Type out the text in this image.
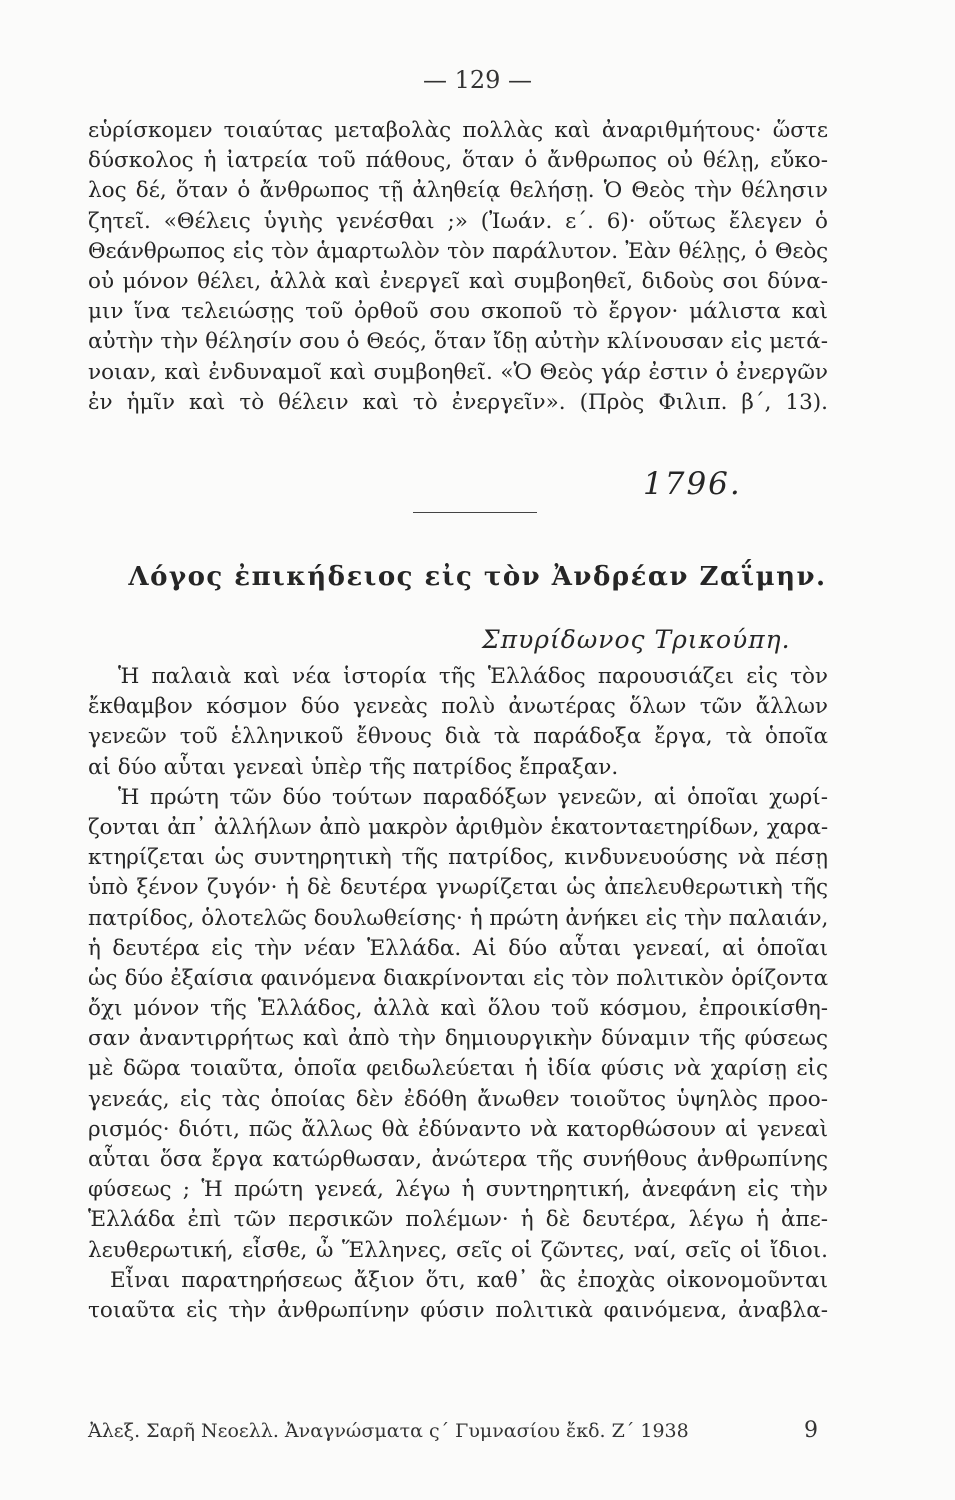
— 129 —
εὑρίσκομεν τοιαύτας μεταβολὰς πολλὰς καὶ ἀναριθμήτους· ὥστε
δύσκολος ἡ ἰατρεία τοῦ πάθους, ὅταν ὁ ἄνθρωπος οὐ θέλῃ, εὔκο-
λος δέ, ὅταν ὁ ἄνθρωπος τῇ ἀληθείᾳ θελήσῃ. Ὁ Θεὸς τὴν θέλησιν
ζητεῖ. «Θέλεις ὑγιὴς γενέσθαι ;» (Ἰωάν. ε΄. 6)· οὕτως ἔλεγεν ὁ
Θεάνθρωπος εἰς τὸν ἁμαρτωλὸν τὸν παράλυτον. Ἐὰν θέλῃς, ὁ Θεὸς
οὐ μόνον θέλει, ἀλλὰ καὶ ἐνεργεῖ καὶ συμβοηθεῖ, διδοὺς σοι δύνα-
μιν ἵνα τελειώσῃς τοῦ ὀρθοῦ σου σκοποῦ τὸ ἔργον· μάλιστα καὶ
αὐτὴν τὴν θέλησίν σου ὁ Θεός, ὅταν ἴδῃ αὐτὴν κλίνουσαν εἰς μετά-
νοιαν, καὶ ἐνδυναμοῖ καὶ συμβοηθεῖ. «Ὁ Θεὸς γάρ ἐστιν ὁ ἐνεργῶν
ἐν ἡμῖν καὶ τὸ θέλειν καὶ τὸ ἐνεργεῖν». (Πρὸς Φιλιπ. β΄, 13).
1796.
Λόγος ἐπικήδειος εἰς τὸν Ἀνδρέαν Ζαΐμην.
Σπυρίδωνος Τρικούπη.
Ἡ παλαιὰ καὶ νέα ἱστορία τῆς Ἑλλάδος παρουσιάζει εἰς τὸν
ἔκθαμβον κόσμον δύο γενεὰς πολὺ ἀνωτέρας ὅλων τῶν ἄλλων
γενεῶν τοῦ ἑλληνικοῦ ἔθνους διὰ τὰ παράδοξα ἔργα, τὰ ὁποῖα
αἱ δύο αὗται γενεαὶ ὑπὲρ τῆς πατρίδος ἔπραξαν.
Ἡ πρώτη τῶν δύο τούτων παραδόξων γενεῶν, αἱ ὁποῖαι χωρί-
ζονται ἀπ᾿ ἀλλήλων ἀπὸ μακρὸν ἀριθμὸν ἑκατονταετηρίδων, χαρα-
κτηρίζεται ὡς συντηρητικὴ τῆς πατρίδος, κινδυνευούσης νὰ πέσῃ
ὑπὸ ξένον ζυγόν· ἡ δὲ δευτέρα γνωρίζεται ὡς ἀπελευθερωτικὴ τῆς
πατρίδος, ὁλοτελῶς δουλωθείσης· ἡ πρώτη ἀνήκει εἰς τὴν παλαιάν,
ἡ δευτέρα εἰς τὴν νέαν Ἑλλάδα. Αἱ δύο αὗται γενεαί, αἱ ὁποῖαι
ὡς δύο ἐξαίσια φαινόμενα διακρίνονται εἰς τὸν πολιτικὸν ὁρίζοντα
ὄχι μόνον τῆς Ἑλλάδος, ἀλλὰ καὶ ὅλου τοῦ κόσμου, ἐπροικίσθη-
σαν ἀναντιρρήτως καὶ ἀπὸ τὴν δημιουργικὴν δύναμιν τῆς φύσεως
μὲ δῶρα τοιαῦτα, ὁποῖα φειδωλεύεται ἡ ἰδία φύσις νὰ χαρίσῃ εἰς
γενεάς, εἰς τὰς ὁποίας δὲν ἐδόθη ἄνωθεν τοιοῦτος ὑψηλὸς προο-
ρισμός· διότι, πῶς ἄλλως θὰ ἐδύναντο νὰ κατορθώσουν αἱ γενεαὶ
αὗται ὅσα ἔργα κατώρθωσαν, ἀνώτερα τῆς συνήθους ἀνθρωπίνης
φύσεως ; Ἡ πρώτη γενεά, λέγω ἡ συντηρητική, ἀνεφάνη εἰς τὴν
Ἑλλάδα ἐπὶ τῶν περσικῶν πολέμων· ἡ δὲ δευτέρα, λέγω ἡ ἀπε-
λευθερωτική, εἶσθε, ὦ Ἕλληνες, σεῖς οἱ ζῶντες, ναί, σεῖς οἱ ἴδιοι.
Εἶναι παρατηρήσεως ἄξιον ὅτι, καθ᾿ ἃς ἐποχὰς οἰκονομοῦνται
τοιαῦτα εἰς τὴν ἀνθρωπίνην φύσιν πολιτικὰ φαινόμενα, ἀναβλα-
Ἀλεξ. Σαρῆ Νεοελλ. Ἀναγνώσματα ς΄ Γυμνασίου ἔκδ. Ζ΄ 1938	9
